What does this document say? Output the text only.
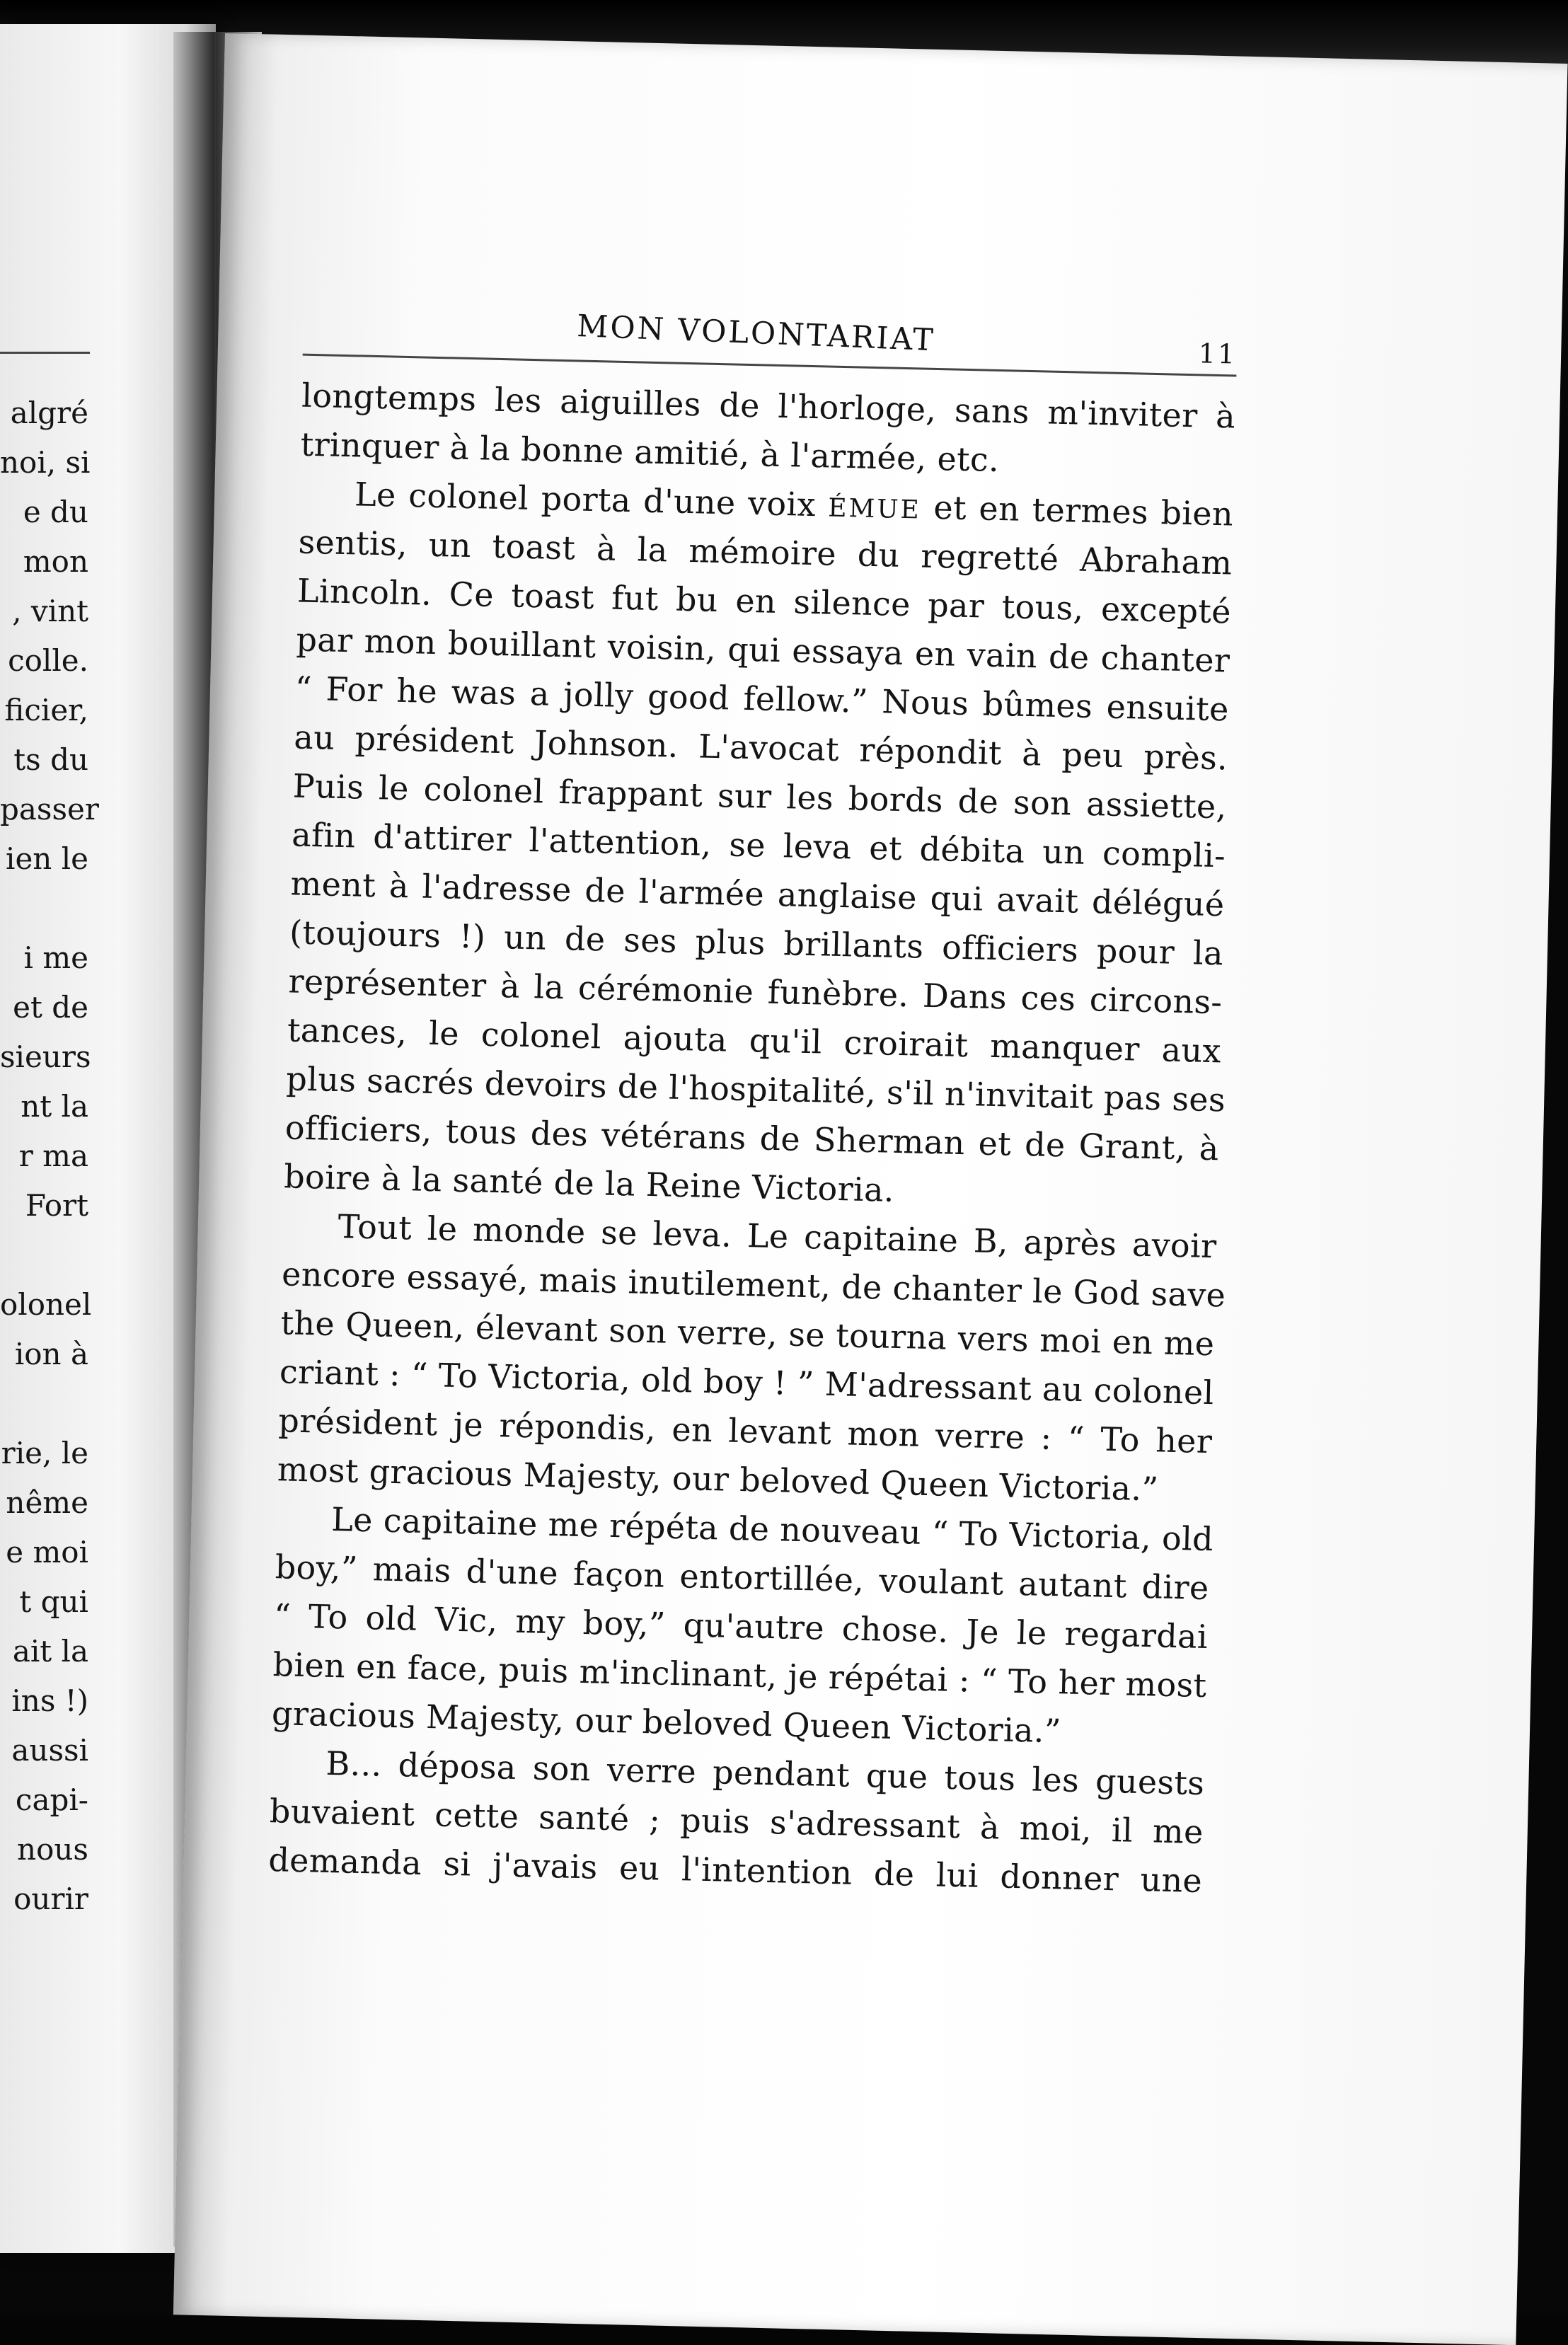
algré
noi, si
e du
mon
, vint
colle.
ficier,
ts du
passer
ien le
i me
et de
sieurs
nt la
r ma
Fort
olonel
ion à
rie, le
nême
e moi
t qui
ait la
ins !)
aussi
capi-
nous
ourir
MON VOLONTARIAT	11
longtemps les aiguilles de l'horloge, sans m'inviter à
trinquer à la bonne amitié, à l'armée, etc.
Le colonel porta d'une voix ÉMUE et en termes bien
sentis, un toast à la mémoire du regretté Abraham
Lincoln. Ce toast fut bu en silence par tous, excepté
par mon bouillant voisin, qui essaya en vain de chanter
“ For he was a jolly good fellow.” Nous bûmes ensuite
au président Johnson. L'avocat répondit à peu près.
Puis le colonel frappant sur les bords de son assiette,
afin d'attirer l'attention, se leva et débita un compli-
ment à l'adresse de l'armée anglaise qui avait délégué
(toujours !) un de ses plus brillants officiers pour la
représenter à la cérémonie funèbre. Dans ces circons-
tances, le colonel ajouta qu'il croirait manquer aux
plus sacrés devoirs de l'hospitalité, s'il n'invitait pas ses
officiers, tous des vétérans de Sherman et de Grant, à
boire à la santé de la Reine Victoria.
Tout le monde se leva. Le capitaine B, après avoir
encore essayé, mais inutilement, de chanter le God save
the Queen, élevant son verre, se tourna vers moi en me
criant : “ To Victoria, old boy ! ” M'adressant au colonel
président je répondis, en levant mon verre : “ To her
most gracious Majesty, our beloved Queen Victoria.”
Le capitaine me répéta de nouveau “ To Victoria, old
boy,” mais d'une façon entortillée, voulant autant dire
“ To old Vic, my boy,” qu'autre chose. Je le regardai
bien en face, puis m'inclinant, je répétai : “ To her most
gracious Majesty, our beloved Queen Victoria.”
B... déposa son verre pendant que tous les guests
buvaient cette santé ; puis s'adressant à moi, il me
demanda si j'avais eu l'intention de lui donner une
